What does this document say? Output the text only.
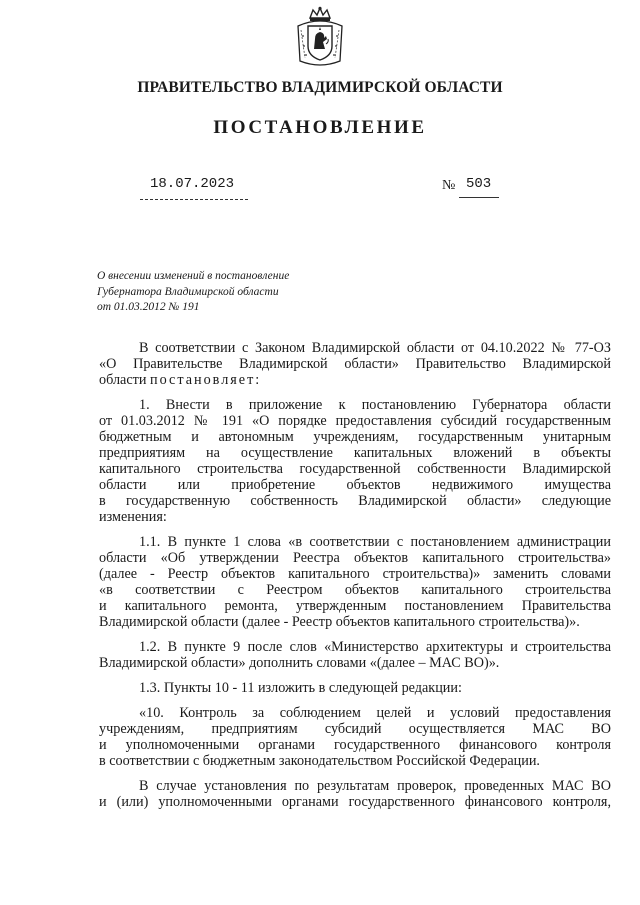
ПРАВИТЕЛЬСТВО ВЛАДИМИРСКОЙ ОБЛАСТИ
ПОСТАНОВЛЕНИЕ
18.07.2023	№ 503
О внесении изменений в постановление
Губернатора Владимирской области
от 01.03.2012 № 191
В соответствии с Законом Владимирской области от 04.10.2022 № 77-ОЗ
«О Правительстве Владимирской области» Правительство Владимирской
области постановляет:
1. Внести в приложение к постановлению Губернатора области
от 01.03.2012 № 191 «О порядке предоставления субсидий государственным
бюджетным и автономным учреждениям, государственным унитарным
предприятиям на осуществление капитальных вложений в объекты
капитального строительства государственной собственности Владимирской
области или приобретение объектов недвижимого имущества
в государственную собственность Владимирской области» следующие
изменения:
1.1. В пункте 1 слова «в соответствии с постановлением администрации
области «Об утверждении Реестра объектов капитального строительства»
(далее - Реестр объектов капитального строительства)» заменить словами
«в соответствии с Реестром объектов капитального строительства
и капитального ремонта, утвержденным постановлением Правительства
Владимирской области (далее - Реестр объектов капитального строительства)».
1.2. В пункте 9 после слов «Министерство архитектуры и строительства
Владимирской области» дополнить словами «(далее – МАС ВО)».
1.3. Пункты 10 - 11 изложить в следующей редакции:
«10. Контроль за соблюдением целей и условий предоставления
учреждениям, предприятиям субсидий осуществляется МАС ВО
и уполномоченными органами государственного финансового контроля
в соответствии с бюджетным законодательством Российской Федерации.
В случае установления по результатам проверок, проведенных МАС ВО
и (или) уполномоченными органами государственного финансового контроля,
